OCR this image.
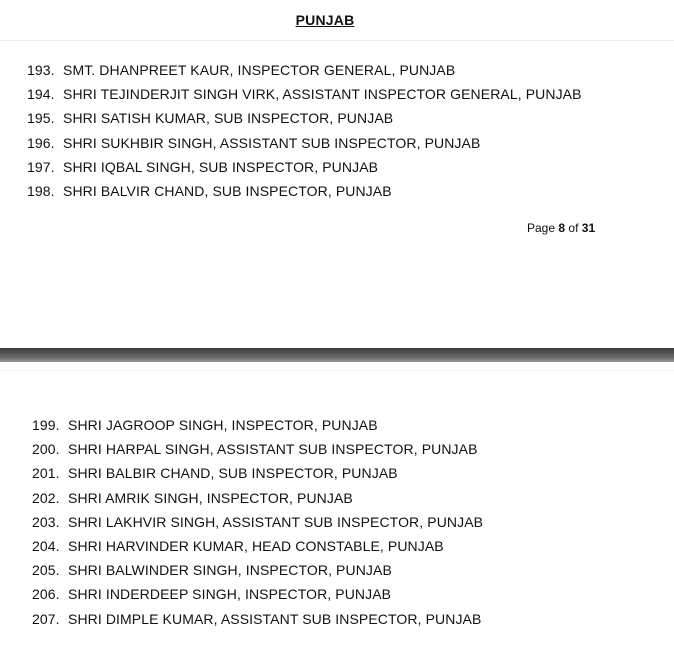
PUNJAB
193. SMT. DHANPREET KAUR, INSPECTOR GENERAL, PUNJAB
194. SHRI TEJINDERJIT SINGH VIRK, ASSISTANT INSPECTOR GENERAL, PUNJAB
195. SHRI SATISH KUMAR, SUB INSPECTOR, PUNJAB
196. SHRI SUKHBIR SINGH, ASSISTANT SUB INSPECTOR, PUNJAB
197. SHRI IQBAL SINGH, SUB INSPECTOR, PUNJAB
198. SHRI BALVIR CHAND, SUB INSPECTOR, PUNJAB
Page 8 of 31
199. SHRI JAGROOP SINGH, INSPECTOR, PUNJAB
200. SHRI HARPAL SINGH, ASSISTANT SUB INSPECTOR, PUNJAB
201. SHRI BALBIR CHAND, SUB INSPECTOR, PUNJAB
202. SHRI AMRIK SINGH, INSPECTOR, PUNJAB
203. SHRI LAKHVIR SINGH, ASSISTANT SUB INSPECTOR, PUNJAB
204. SHRI HARVINDER KUMAR, HEAD CONSTABLE, PUNJAB
205. SHRI BALWINDER SINGH, INSPECTOR, PUNJAB
206. SHRI INDERDEEP SINGH, INSPECTOR, PUNJAB
207. SHRI DIMPLE KUMAR, ASSISTANT SUB INSPECTOR, PUNJAB
